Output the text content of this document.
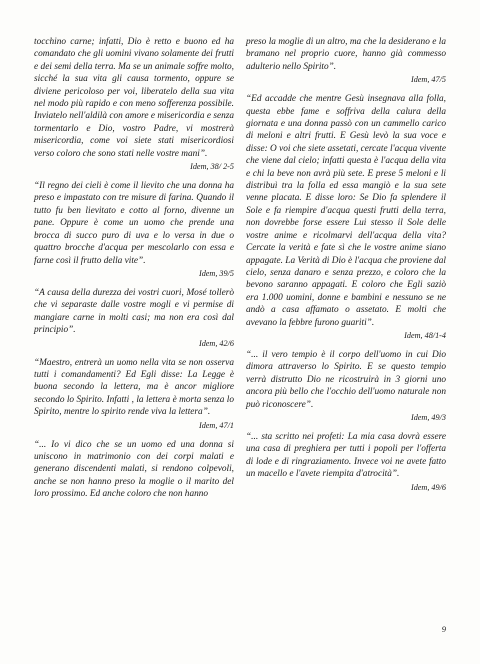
tocchino carne; infatti, Dio è retto e buono ed ha comandato che gli uomini vivano solamente dei frutti e dei semi della terra. Ma se un animale soffre molto, sicché la sua vita gli causa tormento, oppure se diviene pericoloso per voi, liberatelo della sua vita nel modo più rapido e con meno sofferenza possibile. Inviatelo nell'aldilà con amore e misericordia e senza tormentarlo e Dio, vostro Padre, vi mostrerà misericordia, come voi siete stati misericordiosi verso coloro che sono stati nelle vostre mani”.

Idem, 38/ 2-5

“Il regno dei cieli è come il lievito che una donna ha preso e impastato con tre misure di farina. Quando il tutto fu ben lievitato e cotto al forno, divenne un pane. Oppure è come un uomo che prende una brocca di succo puro di uva e lo versa in due o quattro brocche d'acqua per mescolarlo con essa e farne così il frutto della vite”.

Idem, 39/5

“A causa della durezza dei vostri cuori, Mosé tollerò che vi separaste dalle vostre mogli e vi permise di mangiare carne in molti casi; ma non era così dal principio”.

Idem, 42/6

“Maestro, entrerà un uomo nella vita se non osserva tutti i comandamenti? Ed Egli disse: La Legge è buona secondo la lettera, ma è ancor migliore secondo lo Spirito. Infatti , la lettera è morta senza lo Spirito, mentre lo spirito rende viva la lettera”.

Idem, 47/1

“... Io vi dico che se un uomo ed una donna si uniscono in matrimonio con dei corpi malati e generano discendenti malati, si rendono colpevoli, anche se non hanno preso la moglie o il marito del loro prossimo. Ed anche coloro che non hanno

preso la moglie di un altro, ma che la desiderano e la bramano nel proprio cuore, hanno già commesso adulterio nello Spirito”.

Idem, 47/5

“Ed accadde che mentre Gesù insegnava alla folla, questa ebbe fame e soffriva della calura della giornata e una donna passò con un cammello carico di meloni e altri frutti. E Gesù levò la sua voce e disse: O voi che siete assetati, cercate l'acqua vivente che viene dal cielo; infatti questa è l'acqua della vita e chi la beve non avrà più sete. E prese 5 meloni e li distribuì tra la folla ed essa mangiò e la sua sete venne placata. E disse loro: Se Dio fa splendere il Sole e fa riempire d'acqua questi frutti della terra, non dovrebbe forse essere Lui stesso il Sole delle vostre anime e ricolmarvi dell'acqua della vita? Cercate la verità e fate sì che le vostre anime siano appagate. La Verità di Dio è l'acqua che proviene dal cielo, senza danaro e senza prezzo, e coloro che la bevono saranno appagati. E coloro che Egli saziò era 1.000 uomini, donne e bambini e nessuno se ne andò a casa affamato o assetato. E molti che avevano la febbre furono guariti”.

Idem, 48/1-4

“... il vero tempio è il corpo dell'uomo in cui Dio dimora attraverso lo Spirito. E se questo tempio verrà distrutto Dio ne ricostruirà in 3 giorni uno ancora più bello che l'occhio dell'uomo naturale non può riconoscere”.

Idem, 49/3

“... sta scritto nei profeti: La mia casa dovrà essere una casa di preghiera per tutti i popoli per l'offerta di lode e di ringraziamento. Invece voi ne avete fatto un macello e l'avete riempita d'atrocità”.

Idem, 49/6
9
